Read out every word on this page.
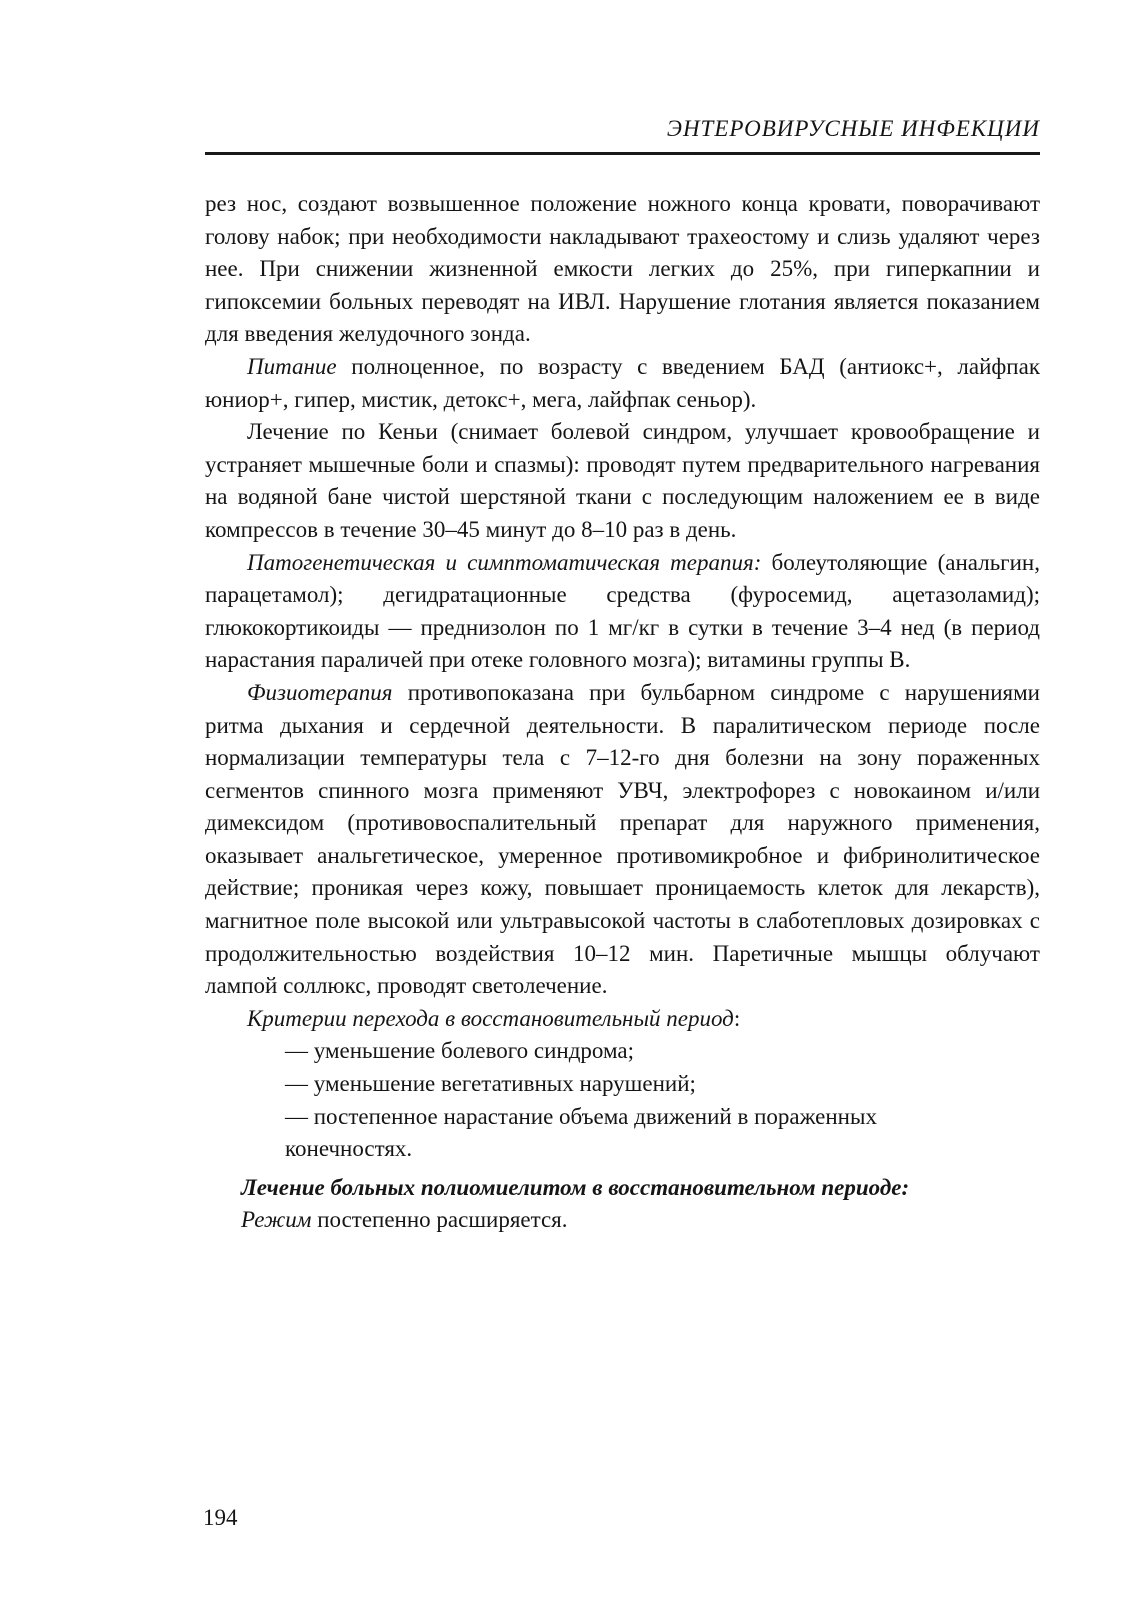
ЭНТЕРОВИРУСНЫЕ ИНФЕКЦИИ

рез нос, создают возвышенное положение ножного конца кровати, поворачивают голову набок; при необходимости накладывают трахеостому и слизь удаляют через нее. При снижении жизненной емкости легких до 25%, при гиперкапнии и гипоксемии больных переводят на ИВЛ. Нарушение глотания является показанием для введения желудочного зонда.

Питание полноценное, по возрасту с введением БАД (антиокс+, лайфпак юниор+, гипер, мистик, детокс+, мега, лайфпак сеньор).

Лечение по Кеньи (снимает болевой синдром, улучшает кровообращение и устраняет мышечные боли и спазмы): проводят путем предварительного нагревания на водяной бане чистой шерстяной ткани с последующим наложением ее в виде компрессов в течение 30–45 минут до 8–10 раз в день.

Патогенетическая и симптоматическая терапия: болеутоляющие (анальгин, парацетамол); дегидратационные средства (фуросемид, ацетазоламид); глюкокортикоиды — преднизолон по 1 мг/кг в сутки в течение 3–4 нед (в период нарастания параличей при отеке головного мозга); витамины группы В.

Физиотерапия противопоказана при бульбарном синдроме с нарушениями ритма дыхания и сердечной деятельности. В паралитическом периоде после нормализации температуры тела с 7–12-го дня болезни на зону пораженных сегментов спинного мозга применяют УВЧ, электрофорез с новокаином и/или димексидом (противовоспалительный препарат для наружного применения, оказывает анальгетическое, умеренное противомикробное и фибринолитическое действие; проникая через кожу, повышает проницаемость клеток для лекарств), магнитное поле высокой или ультравысокой частоты в слаботепловых дозировках с продолжительностью воздействия 10–12 мин. Паретичные мышцы облучают лампой соллюкс, проводят светолечение.

Критерии перехода в восстановительный период:

— уменьшение болевого синдрома;

— уменьшение вегетативных нарушений;

— постепенное нарастание объема движений в пораженных

конечностях.

Лечение больных полиомиелитом в восстановительном периоде:

Режим постепенно расширяется.

194
